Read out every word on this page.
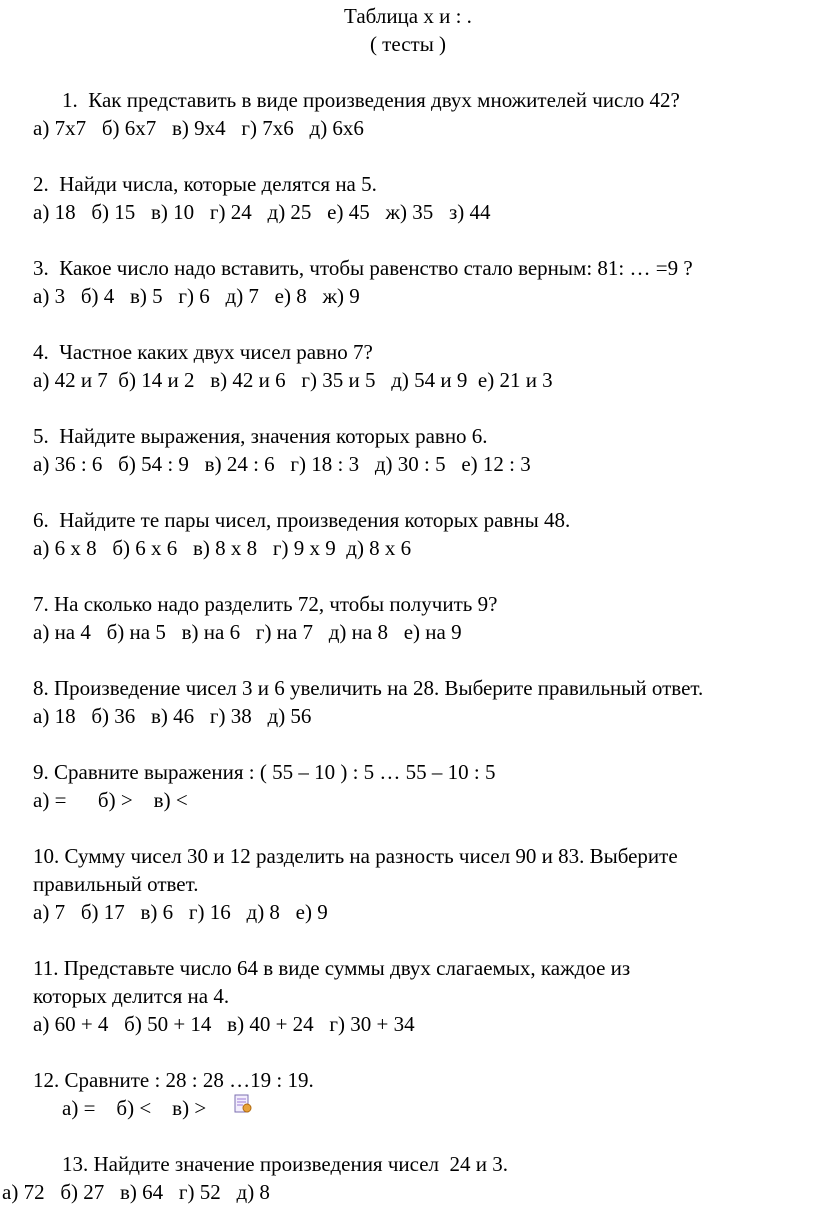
Таблица х и : .
( тесты )
1.  Как представить в виде произведения двух множителей число 42?
а) 7х7   б) 6х7   в) 9х4   г) 7х6   д) 6х6
2.  Найди числа, которые делятся на 5.
а) 18   б) 15   в) 10   г) 24   д) 25   е) 45   ж) 35   з) 44
3.  Какое число надо вставить, чтобы равенство стало верным: 81: … =9 ?
а) 3   б) 4   в) 5   г) 6   д) 7   е) 8   ж) 9
4.  Частное каких двух чисел равно 7?
а) 42 и 7  б) 14 и 2   в) 42 и 6   г) 35 и 5   д) 54 и 9  е) 21 и 3
5.  Найдите выражения, значения которых равно 6.
а) 36 : 6   б) 54 : 9   в) 24 : 6   г) 18 : 3   д) 30 : 5   е) 12 : 3
6.  Найдите те пары чисел, произведения которых равны 48.
а) 6 х 8   б) 6 х 6   в) 8 х 8   г) 9 х 9  д) 8 х 6
7. На сколько надо разделить 72, чтобы получить 9?
а) на 4   б) на 5   в) на 6   г) на 7   д) на 8   е) на 9
8. Произведение чисел 3 и 6 увеличить на 28. Выберите правильный ответ.
а) 18   б) 36   в) 46   г) 38   д) 56
9. Сравните выражения : ( 55 – 10 ) : 5 … 55 – 10 : 5
а) =      б) >    в) <
10. Сумму чисел 30 и 12 разделить на разность чисел 90 и 83. Выберите
правильный ответ.
а) 7   б) 17   в) 6   г) 16   д) 8   е) 9
11. Представьте число 64 в виде суммы двух слагаемых, каждое из
которых делится на 4.
а) 60 + 4   б) 50 + 14   в) 40 + 24   г) 30 + 34
12. Сравните : 28 : 28 …19 : 19.
а) =    б) <    в) >
13. Найдите значение произведения чисел  24 и 3.
а) 72   б) 27   в) 64   г) 52   д) 8
